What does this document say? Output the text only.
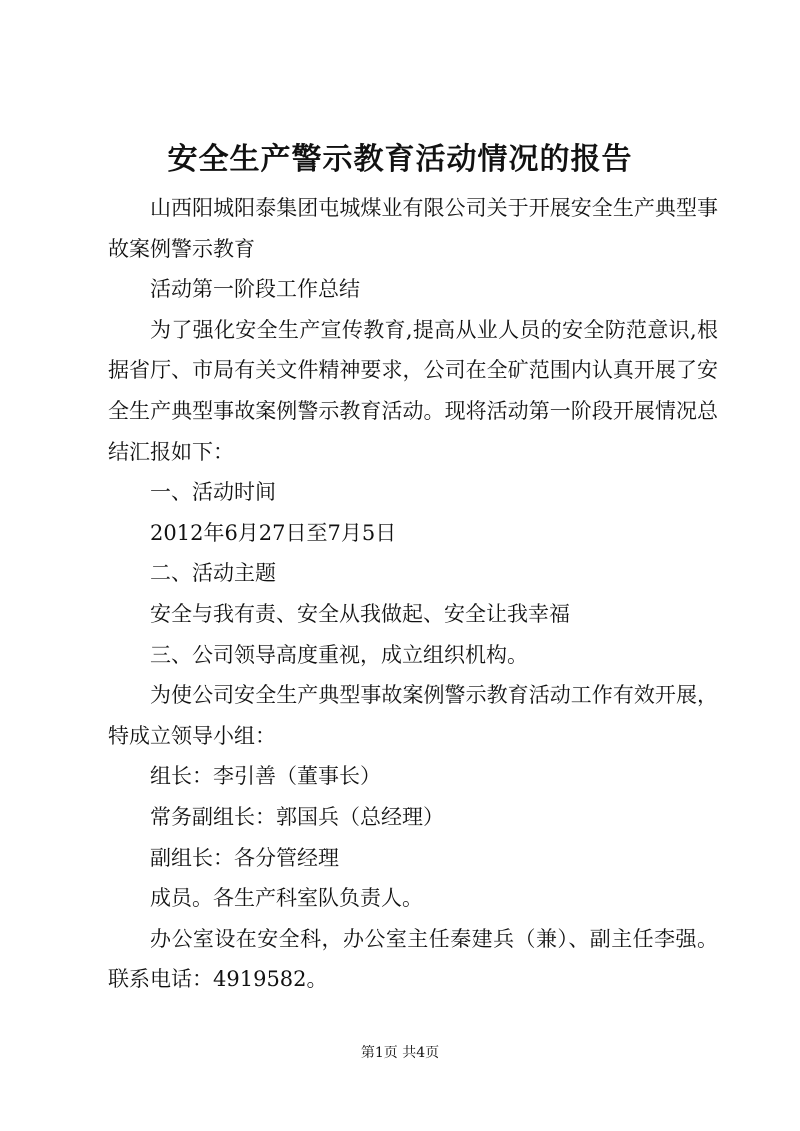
安全生产警示教育活动情况的报告

山西阳城阳泰集团屯城煤业有限公司关于开展安全生产典型事故案例警示教育

活动第一阶段工作总结

为了强化安全生产宣传教育,提高从业人员的安全防范意识,根据省厅、市局有关文件精神要求，公司在全矿范围内认真开展了安全生产典型事故案例警示教育活动。现将活动第一阶段开展情况总结汇报如下：

一、活动时间

2012年6月27日至7月5日

二、活动主题

安全与我有责、安全从我做起、安全让我幸福

三、公司领导高度重视，成立组织机构。

为使公司安全生产典型事故案例警示教育活动工作有效开展，特成立领导小组：

组长：李引善（董事长）

常务副组长：郭国兵（总经理）

副组长：各分管经理

成员。各生产科室队负责人。

办公室设在安全科，办公室主任秦建兵（兼）、副主任李强。联系电话：4919582。

第1页 共4页
